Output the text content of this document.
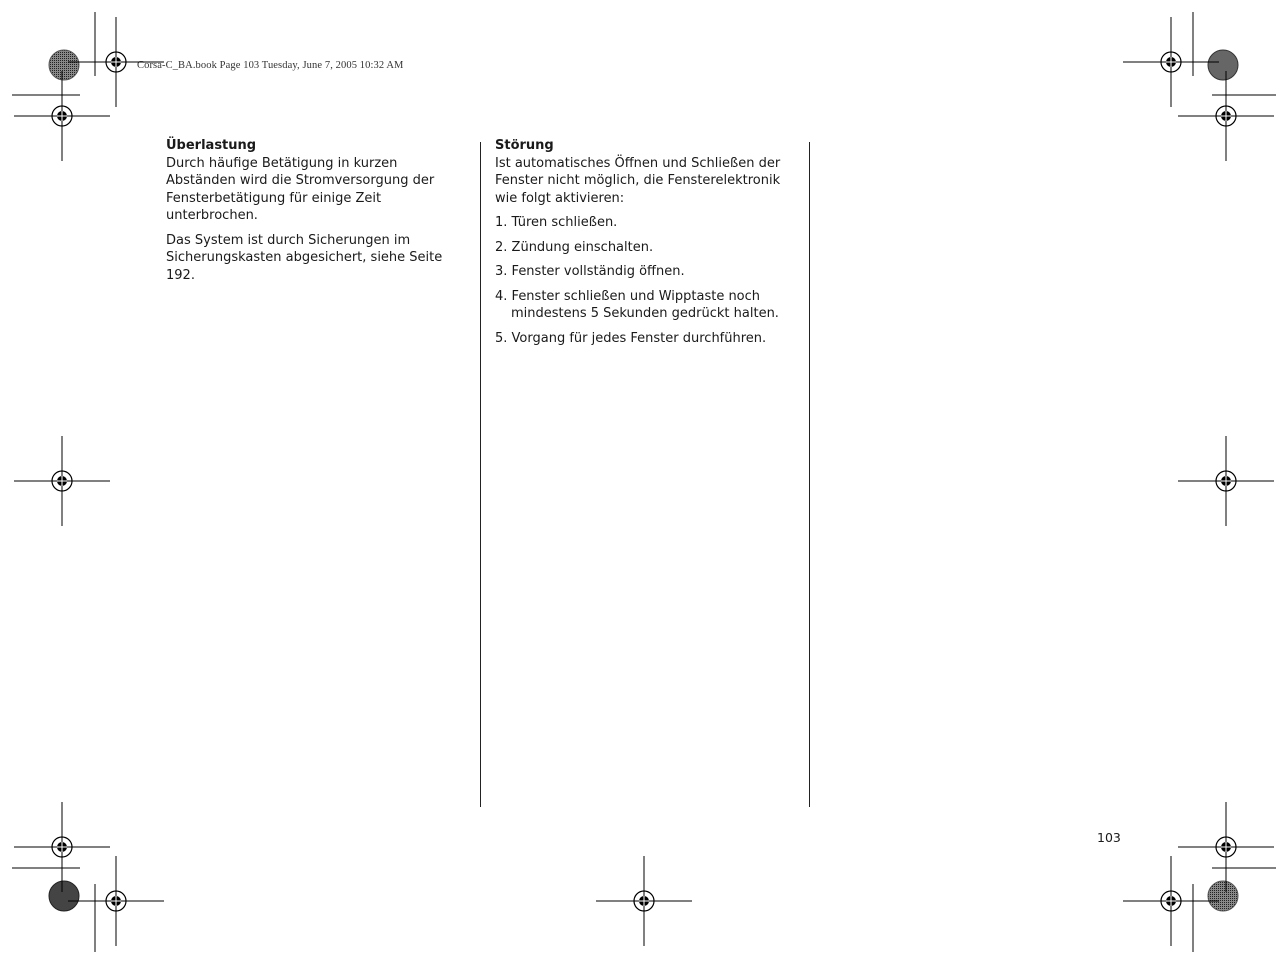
Corsa-C_BA.book Page 103 Tuesday, June 7, 2005 10:32 AM
Überlastung

Durch häufige Betätigung in kurzen Abständen wird die Stromversorgung der Fensterbetätigung für einige Zeit unterbrochen.

Das System ist durch Sicherungen im Sicherungskasten abgesichert, siehe Seite 192.

Störung

Ist automatisches Öffnen und Schließen der Fenster nicht möglich, die Fensterelektronik wie folgt aktivieren:

1. Türen schließen.
2. Zündung einschalten.
3. Fenster vollständig öffnen.
4. Fenster schließen und Wipptaste noch mindestens 5 Sekunden gedrückt halten.
5. Vorgang für jedes Fenster durchführen.
103
